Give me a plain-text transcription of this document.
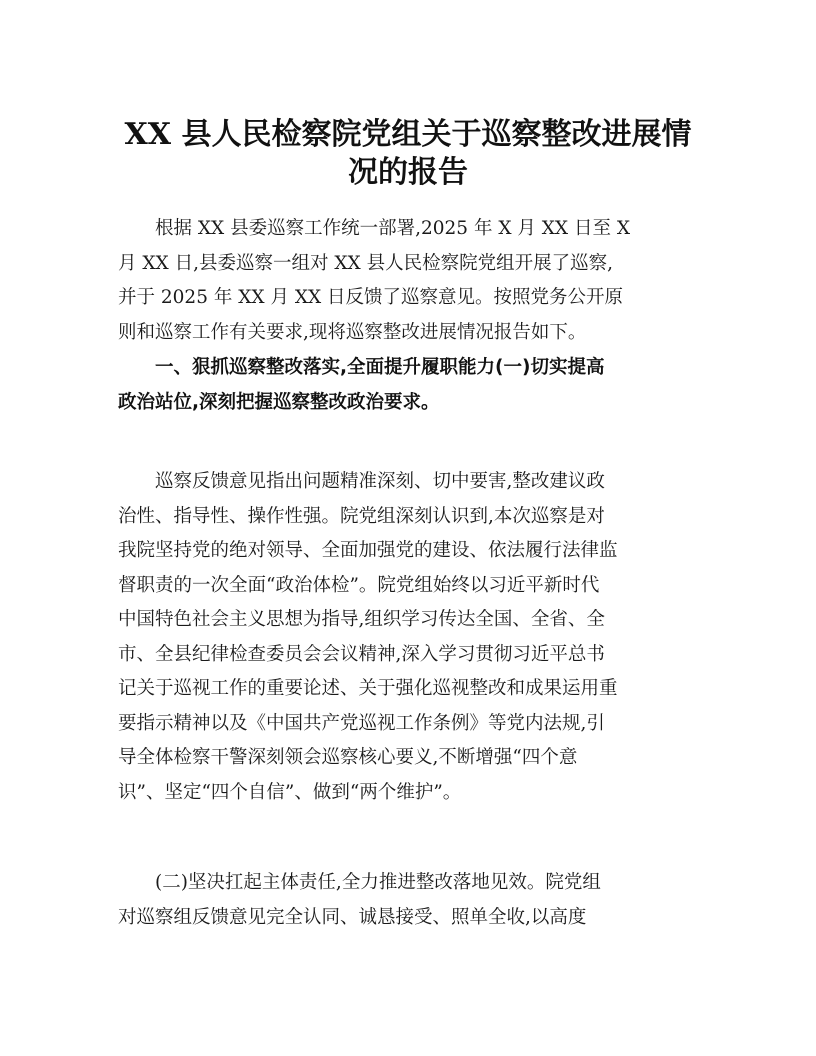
XX 县人民检察院党组关于巡察整改进展情
况的报告
　　根据 XX 县委巡察工作统一部署,2025 年 X 月 XX 日至 X
月 XX 日,县委巡察一组对 XX 县人民检察院党组开展了巡察,
并于 2025 年 XX 月 XX 日反馈了巡察意见。按照党务公开原
则和巡察工作有关要求,现将巡察整改进展情况报告如下。
　　一、狠抓巡察整改落实,全面提升履职能力(一)切实提高
政治站位,深刻把握巡察整改政治要求。
　　巡察反馈意见指出问题精准深刻、切中要害,整改建议政
治性、指导性、操作性强。院党组深刻认识到,本次巡察是对
我院坚持党的绝对领导、全面加强党的建设、依法履行法律监
督职责的一次全面“政治体检”。院党组始终以习近平新时代
中国特色社会主义思想为指导,组织学习传达全国、全省、全
市、全县纪律检查委员会会议精神,深入学习贯彻习近平总书
记关于巡视工作的重要论述、关于强化巡视整改和成果运用重
要指示精神以及《中国共产党巡视工作条例》等党内法规,引
导全体检察干警深刻领会巡察核心要义,不断增强“四个意
识”、坚定“四个自信”、做到“两个维护”。
　　(二)坚决扛起主体责任,全力推进整改落地见效。院党组
对巡察组反馈意见完全认同、诚恳接受、照单全收,以高度
